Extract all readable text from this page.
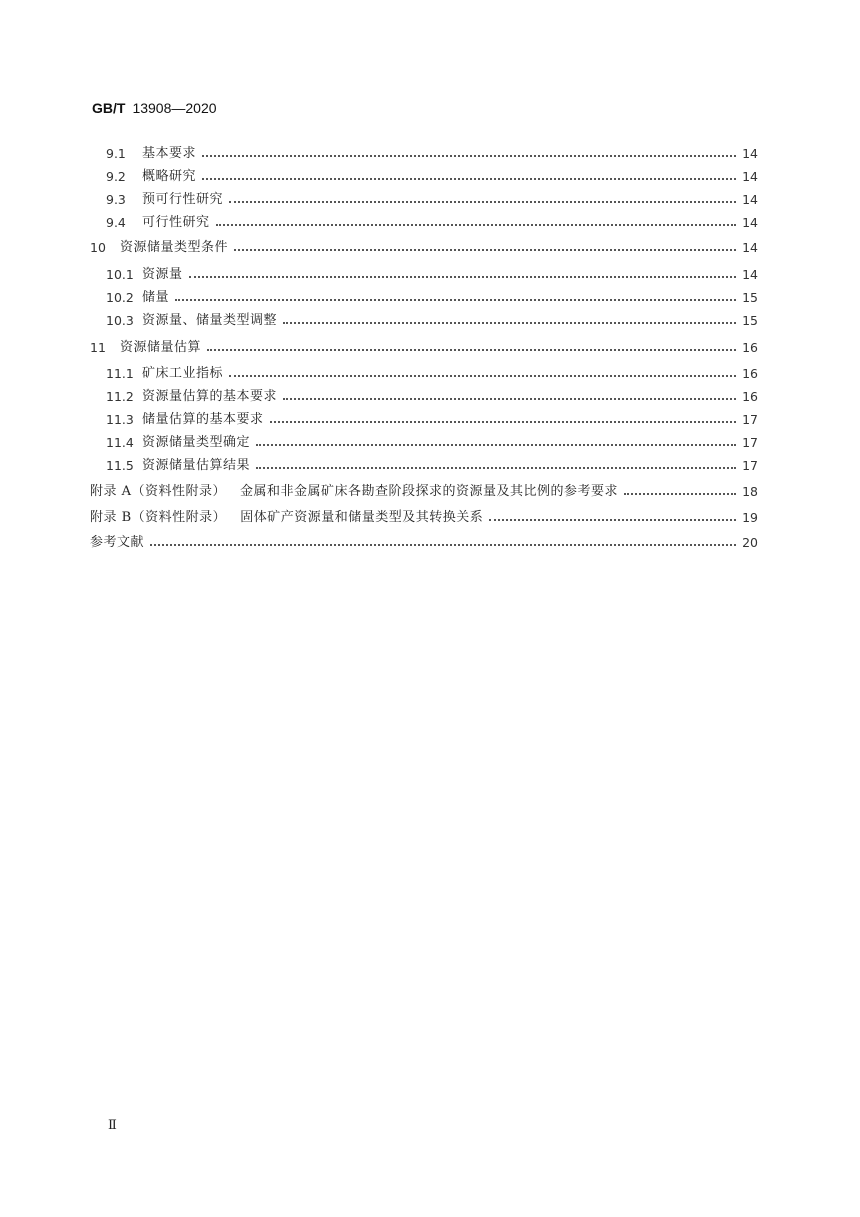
GB/T 13908—2020
9.1	基本要求	14
9.2	概略研究	14
9.3	预可行性研究	14
9.4	可行性研究	14
10	资源储量类型条件	14
10.1 资源量	14
10.2 储量	15
10.3 资源量、储量类型调整	15
11	资源储量估算	16
11.1 矿床工业指标	16
11.2 资源量估算的基本要求	16
11.3 储量估算的基本要求	17
11.4 资源储量类型确定	17
11.5 资源储量估算结果	17
附录 A（资料性附录） 金属和非金属矿床各勘查阶段探求的资源量及其比例的参考要求	18
附录 B（资料性附录） 固体矿产资源量和储量类型及其转换关系	19
参考文献	20
Ⅱ
